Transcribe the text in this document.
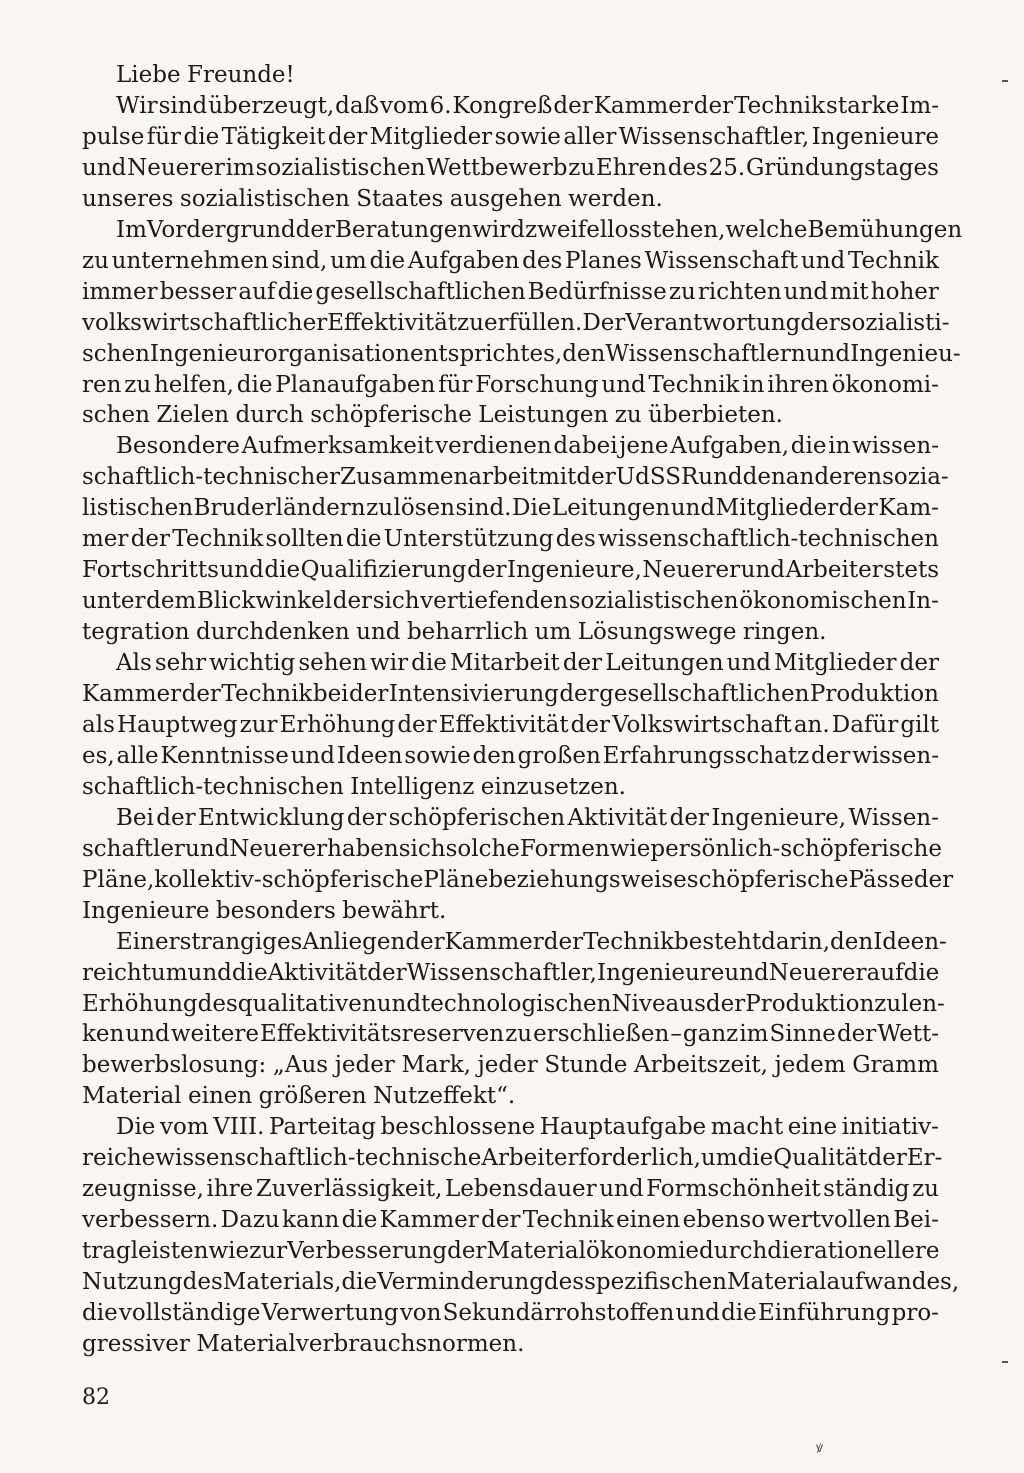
Liebe Freunde!
Wir sind überzeugt, daß vom 6. Kongreß der Kammer der Technik starke Im-
pulse für die Tätigkeit der Mitglieder sowie aller Wissenschaftler, Ingenieure
und Neuerer im sozialistischen Wettbewerb zu Ehren des 25. Gründungstages
unseres sozialistischen Staates ausgehen werden.
Im Vordergrund der Beratungen wird zweifellos stehen, welche Bemühungen
zu unternehmen sind, um die Aufgaben des Planes Wissenschaft und Technik
immer besser auf die gesellschaftlichen Bedürfnisse zu richten und mit hoher
volkswirtschaftlicher Effektivität zu erfüllen. Der Verantwortung der sozialisti-
schen Ingenieurorganisation entspricht es, den Wissenschaftlern und Ingenieu-
ren zu helfen, die Planaufgaben für Forschung und Technik in ihren ökonomi-
schen Zielen durch schöpferische Leistungen zu überbieten.
Besondere Aufmerksamkeit verdienen dabei jene Aufgaben, die in wissen-
schaftlich-technischer Zusammenarbeit mit der UdSSR und den anderen sozia-
listischen Bruderländern zu lösen sind. Die Leitungen und Mitglieder der Kam-
mer der Technik sollten die Unterstützung des wissenschaftlich-technischen
Fortschritts und die Qualifizierung der Ingenieure, Neuerer und Arbeiter stets
unter dem Blickwinkel der sich vertiefenden sozialistischen ökonomischen In-
tegration durchdenken und beharrlich um Lösungswege ringen.
Als sehr wichtig sehen wir die Mitarbeit der Leitungen und Mitglieder der
Kammer der Technik bei der Intensivierung der gesellschaftlichen Produktion
als Hauptweg zur Erhöhung der Effektivität der Volkswirtschaft an. Dafür gilt
es, alle Kenntnisse und Ideen sowie den großen Erfahrungsschatz der wissen-
schaftlich-technischen Intelligenz einzusetzen.
Bei der Entwicklung der schöpferischen Aktivität der Ingenieure, Wissen-
schaftler und Neuerer haben sich solche Formen wie persönlich-schöpferische
Pläne, kollektiv-schöpferische Pläne beziehungsweise schöpferische Pässe der
Ingenieure besonders bewährt.
Ein erstrangiges Anliegen der Kammer der Technik besteht darin, den Ideen-
reichtum und die Aktivität der Wissenschaftler, Ingenieure und Neuerer auf die
Erhöhung des qualitativen und technologischen Niveaus der Produktion zu len-
ken und weitere Effektivitätsreserven zu erschließen – ganz im Sinne der Wett-
bewerbslosung: „Aus jeder Mark, jeder Stunde Arbeitszeit, jedem Gramm
Material einen größeren Nutzeffekt“.
Die vom VIII. Parteitag beschlossene Hauptaufgabe macht eine initiativ-
reiche wissenschaftlich-technische Arbeit erforderlich, um die Qualität der Er-
zeugnisse, ihre Zuverlässigkeit, Lebensdauer und Formschönheit ständig zu
verbessern. Dazu kann die Kammer der Technik einen ebenso wertvollen Bei-
trag leisten wie zur Verbesserung der Materialökonomie durch die rationellere
Nutzung des Materials, die Verminderung des spezifischen Materialaufwandes,
die vollständige Verwertung von Sekundärrohstoffen und die Einführung pro-
gressiver Materialverbrauchsnormen.
82
ꝟ
